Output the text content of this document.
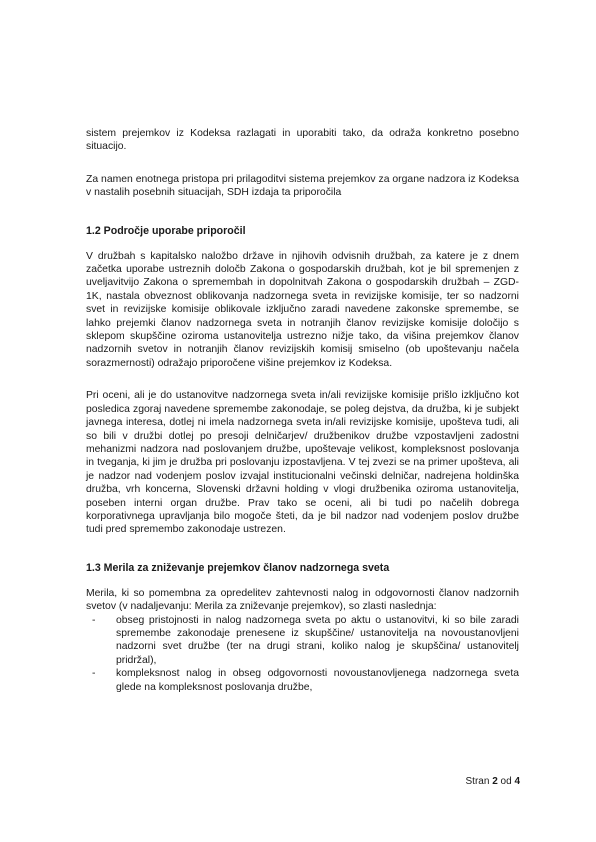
sistem prejemkov iz Kodeksa razlagati in uporabiti tako, da odraža konkretno posebno situacijo.

Za namen enotnega pristopa pri prilagoditvi sistema prejemkov za organe nadzora iz Kodeksa v nastalih posebnih situacijah, SDH izdaja ta priporočila

1.2 Področje uporabe priporočil

V družbah s kapitalsko naložbo države in njihovih odvisnih družbah, za katere je z dnem začetka uporabe ustreznih določb Zakona o gospodarskih družbah, kot je bil spremenjen z uveljavitvijo Zakona o spremembah in dopolnitvah Zakona o gospodarskih družbah – ZGD-1K, nastala obveznost oblikovanja nadzornega sveta in revizijske komisije, ter so nadzorni svet in revizijske komisije oblikovale izključno zaradi navedene zakonske spremembe, se lahko prejemki članov nadzornega sveta in notranjih članov revizijske komisije določijo s sklepom skupščine oziroma ustanovitelja ustrezno nižje tako, da višina prejemkov članov nadzornih svetov in notranjih članov revizijskih komisij smiselno (ob upoštevanju načela sorazmernosti) odražajo priporočene višine prejemkov iz Kodeksa.

Pri oceni, ali je do ustanovitve nadzornega sveta in/ali revizijske komisije prišlo izključno kot posledica zgoraj navedene spremembe zakonodaje, se poleg dejstva, da družba, ki je subjekt javnega interesa, dotlej ni imela nadzornega sveta in/ali revizijske komisije, upošteva tudi, ali so bili v družbi dotlej po presoji delničarjev/ družbenikov družbe vzpostavljeni zadostni mehanizmi nadzora nad poslovanjem družbe, upoštevaje velikost, kompleksnost poslovanja in tveganja, ki jim je družba pri poslovanju izpostavljena. V tej zvezi se na primer upošteva, ali je nadzor nad vodenjem poslov izvajal institucionalni večinski delničar, nadrejena holdinška družba, vrh koncerna, Slovenski državni holding v vlogi družbenika oziroma ustanovitelja, poseben interni organ družbe. Prav tako se oceni, ali bi tudi po načelih dobrega korporativnega upravljanja bilo mogoče šteti, da je bil nadzor nad vodenjem poslov družbe tudi pred spremembo zakonodaje ustrezen.

1.3 Merila za zniževanje prejemkov članov nadzornega sveta

Merila, ki so pomembna za opredelitev zahtevnosti nalog in odgovornosti članov nadzornih svetov (v nadaljevanju: Merila za zniževanje prejemkov), so zlasti naslednja:

- obseg pristojnosti in nalog nadzornega sveta po aktu o ustanovitvi, ki so bile zaradi spremembe zakonodaje prenesene iz skupščine/ ustanovitelja na novoustanovljeni nadzorni svet družbe (ter na drugi strani, koliko nalog je skupščina/ ustanovitelj pridržal),
- kompleksnost nalog in obseg odgovornosti novoustanovljenega nadzornega sveta glede na kompleksnost poslovanja družbe,
Stran 2 od 4
